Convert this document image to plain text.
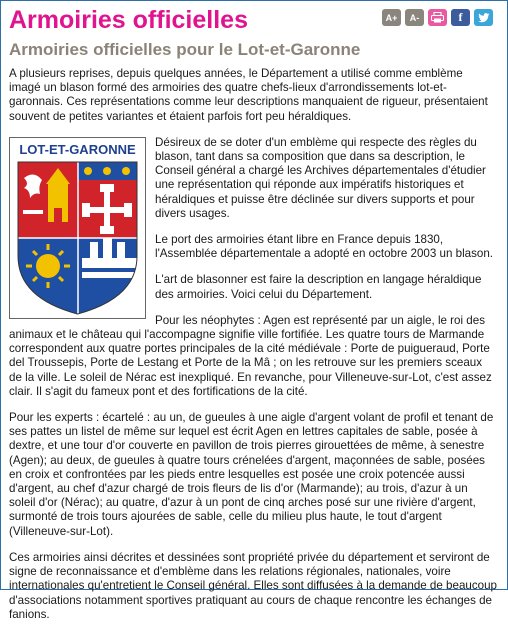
Armoiries officielles	A+	A-	f
Armoiries officielles pour le Lot-et-Garonne

A plusieurs reprises, depuis quelques années, le Département a utilisé comme emblème imagé un blason formé des armoiries des quatre chefs-lieux d'arrondissements lot-et-garonnais. Ces représentations comme leur descriptions manquaient de rigueur, présentaient souvent de petites variantes et étaient parfois fort peu héraldiques.

LOT-ET-GARONNE	Désireux de se doter d'un emblème qui respecte des règles du blason, tant dans sa composition que dans sa description, le Conseil général a chargé les Archives départementales d'étudier une représentation qui réponde aux impératifs historiques et héraldiques et puisse être déclinée sur divers supports et pour divers usages.

Le port des armoiries étant libre en France depuis 1830, l'Assemblée départementale a adopté en octobre 2003 un blason.

L'art de blasonner est faire la description en langage héraldique des armoiries. Voici celui du Département.

Pour les néophytes : Agen est représenté par un aigle, le roi des animaux et le château qui l'accompagne signifie ville fortifiée. Les quatre tours de Marmande correspondent aux quatre portes principales de la cité médiévale : Porte de puigueraud, Porte del Troussepis, Porte de Lestang et Porte de la Mâ ; on les retrouve sur les premiers sceaux de la ville. Le soleil de Nérac est inexpliqué. En revanche, pour Villeneuve-sur-Lot, c'est assez clair. Il s'agit du fameux pont et des fortifications de la cité.

Pour les experts : écartelé : au un, de gueules à une aigle d'argent volant de profil et tenant de ses pattes un listel de même sur lequel est écrit Agen en lettres capitales de sable, posée à dextre, et une tour d'or couverte en pavillon de trois pierres girouettées de même, à senestre (Agen); au deux, de gueules à quatre tours crénelées d'argent, maçonnées de sable, posées en croix et confrontées par les pieds entre lesquelles est posée une croix potencée aussi d'argent, au chef d'azur chargé de trois fleurs de lis d'or (Marmande); au trois, d'azur à un soleil d'or (Nérac); au quatre, d'azur à un pont de cinq arches posé sur une rivière d'argent, surmonté de trois tours ajourées de sable, celle du milieu plus haute, le tout d'argent (Villeneuve-sur-Lot).

Ces armoiries ainsi décrites et dessinées sont propriété privée du département et serviront de signe de reconnaissance et d'emblème dans les relations régionales, nationales, voire internationales qu'entretient le Conseil général. Elles sont diffusées à la demande de beaucoup d'associations notamment sportives pratiquant au cours de chaque rencontre les échanges de fanions.
